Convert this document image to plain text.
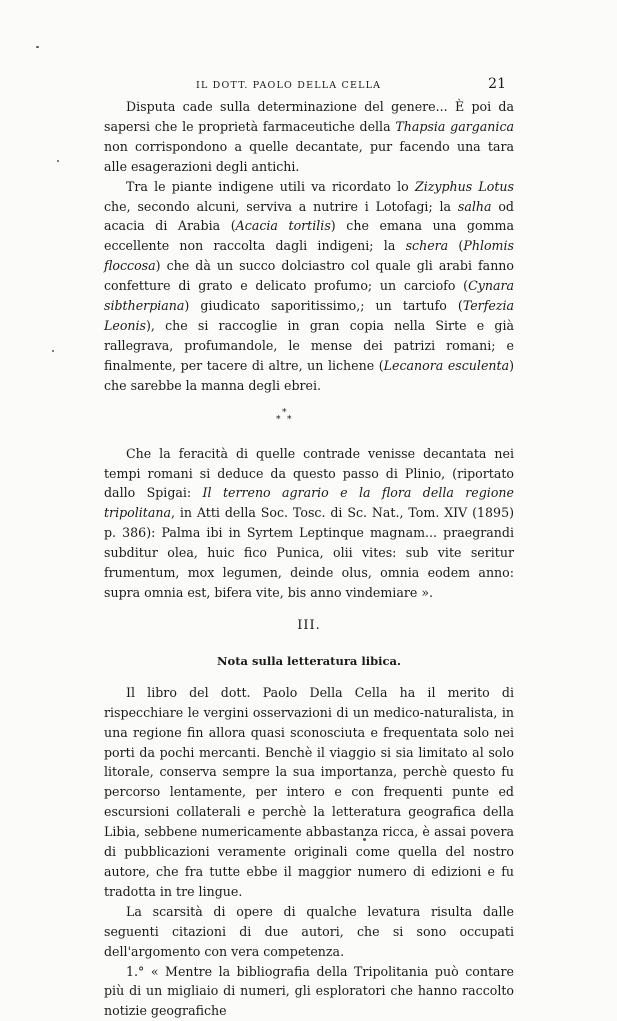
IL DOTT. PAOLO DELLA CELLA	21

Disputa cade sulla determinazione del genere... È poi da sapersi che le proprietà farmaceutiche della Thapsia garganica non corrispondono a quelle decantate, pur facendo una tara alle esagerazioni degli antichi.

Tra le piante indigene utili va ricordato lo Zizyphus Lotus che, secondo alcuni, serviva a nutrire i Lotofagi; la salha od acacia di Arabia (Acacia tortilis) che emana una gomma eccellente non raccolta dagli indigeni; la schera (Phlomis floccosa) che dà un succo dolciastro col quale gli arabi fanno confetture di grato e delicato profumo; un carciofo (Cynara sibtherpiana) giudicato saporitissimo,; un tartufo (Terfezia Leonis), che si raccoglie in gran copia nella Sirte e già rallegrava, profumandole, le mense dei patrizi romani; e finalmente, per tacere di altre, un lichene (Lecanora esculenta) che sarebbe la manna degli ebrei.

*
* *

Che la feracità di quelle contrade venisse decantata nei tempi romani si deduce da questo passo di Plinio, (riportato dallo Spigai: Il terreno agrario e la flora della regione tripolitana, in Atti della Soc. Tosc. di Sc. Nat., Tom. XIV (1895) p. 386): Palma ibi in Syrtem Leptinque magnam... praegrandi subditur olea, huic fico Punica, olii vites: sub vite seritur frumentum, mox legumen, deinde olus, omnia eodem anno: supra omnia est, bifera vite, bis anno vindemiare ».

III.
Nota sulla letteratura libica.

Il libro del dott. Paolo Della Cella ha il merito di rispecchiare le vergini osservazioni di un medico-naturalista, in una regione fin allora quasi sconosciuta e frequentata solo nei porti da pochi mercanti. Benchè il viaggio si sia limitato al solo litorale, conserva sempre la sua importanza, perchè questo fu percorso lentamente, per intero e con frequenti punte ed escursioni collaterali e perchè la letteratura geografica della Libia, sebbene numericamente abbastanza ricca, è assai povera di pubblicazioni veramente originali come quella del nostro autore, che fra tutte ebbe il maggior numero di edizioni e fu tradotta in tre lingue.

La scarsità di opere di qualche levatura risulta dalle seguenti citazioni di due autori, che si sono occupati dell'argomento con vera competenza.

1.° « Mentre la bibliografia della Tripolitania può contare più di un migliaio di numeri, gli esploratori che hanno raccolto notizie geografiche
